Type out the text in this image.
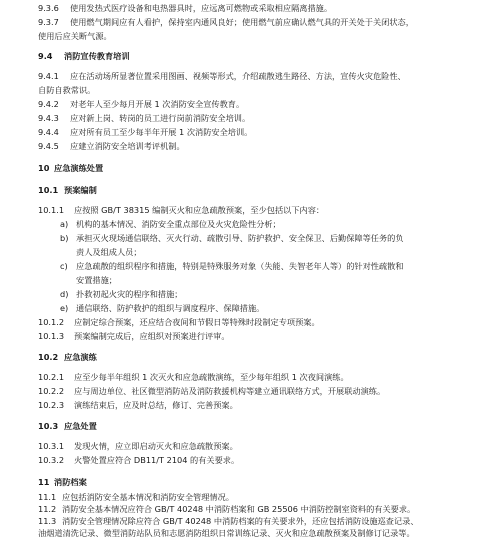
9.3.6 使用发热式医疗设备和电热器具时，应远离可燃物或采取相应隔离措施。
9.3.7 使用燃气期间应有人看护，保持室内通风良好；使用燃气前应确认燃气具的开关处于关闭状态，
使用后应关断气源。
9.4 消防宣传教育培训
9.4.1 应在活动场所显著位置采用图画、视频等形式，介绍疏散逃生路径、方法，宣传火灾危险性、
自防自救常识。
9.4.2 对老年人至少每月开展 1 次消防安全宣传教育。
9.4.3 应对新上岗、转岗的员工进行岗前消防安全培训。
9.4.4 应对所有员工至少每半年开展 1 次消防安全培训。
9.4.5 应建立消防安全培训考评机制。
10 应急演练处置
10.1 预案编制
10.1.1 应按照 GB/T 38315 编制灭火和应急疏散预案，至少包括以下内容：
a) 机构的基本情况、消防安全重点部位及火灾危险性分析；
b) 承担灭火现场通信联络、灭火行动、疏散引导、防护救护、安全保卫、后勤保障等任务的负
责人及组成人员；
c) 应急疏散的组织程序和措施，特别是特殊服务对象（失能、失智老年人等）的针对性疏散和
安置措施；
d) 扑救初起火灾的程序和措施；
e) 通信联络、防护救护的组织与调度程序、保障措施。
10.1.2 应制定综合预案，还应结合夜间和节假日等特殊时段制定专项预案。
10.1.3 预案编制完成后，应组织对预案进行评审。
10.2 应急演练
10.2.1 应至少每半年组织 1 次灭火和应急疏散演练，至少每年组织 1 次夜间演练。
10.2.2 应与周边单位、社区微型消防站及消防救援机构等建立通讯联络方式，开展联动演练。
10.2.3 演练结束后，应及时总结，修订、完善预案。
10.3 应急处置
10.3.1 发现火情，应立即启动灭火和应急疏散预案。
10.3.2 火警处置应符合 DB11/T 2104 的有关要求。
11 消防档案
11.1 应包括消防安全基本情况和消防安全管理情况。
11.2 消防安全基本情况应符合 GB/T 40248 中消防档案和 GB 25506 中消防控制室资料的有关要求。
11.3 消防安全管理情况除应符合 GB/T 40248 中消防档案的有关要求外，还应包括消防设施巡查记录、
油烟道清洗记录、微型消防站队员和志愿消防组织日常训练记录、灭火和应急疏散预案及制修订记录等。
